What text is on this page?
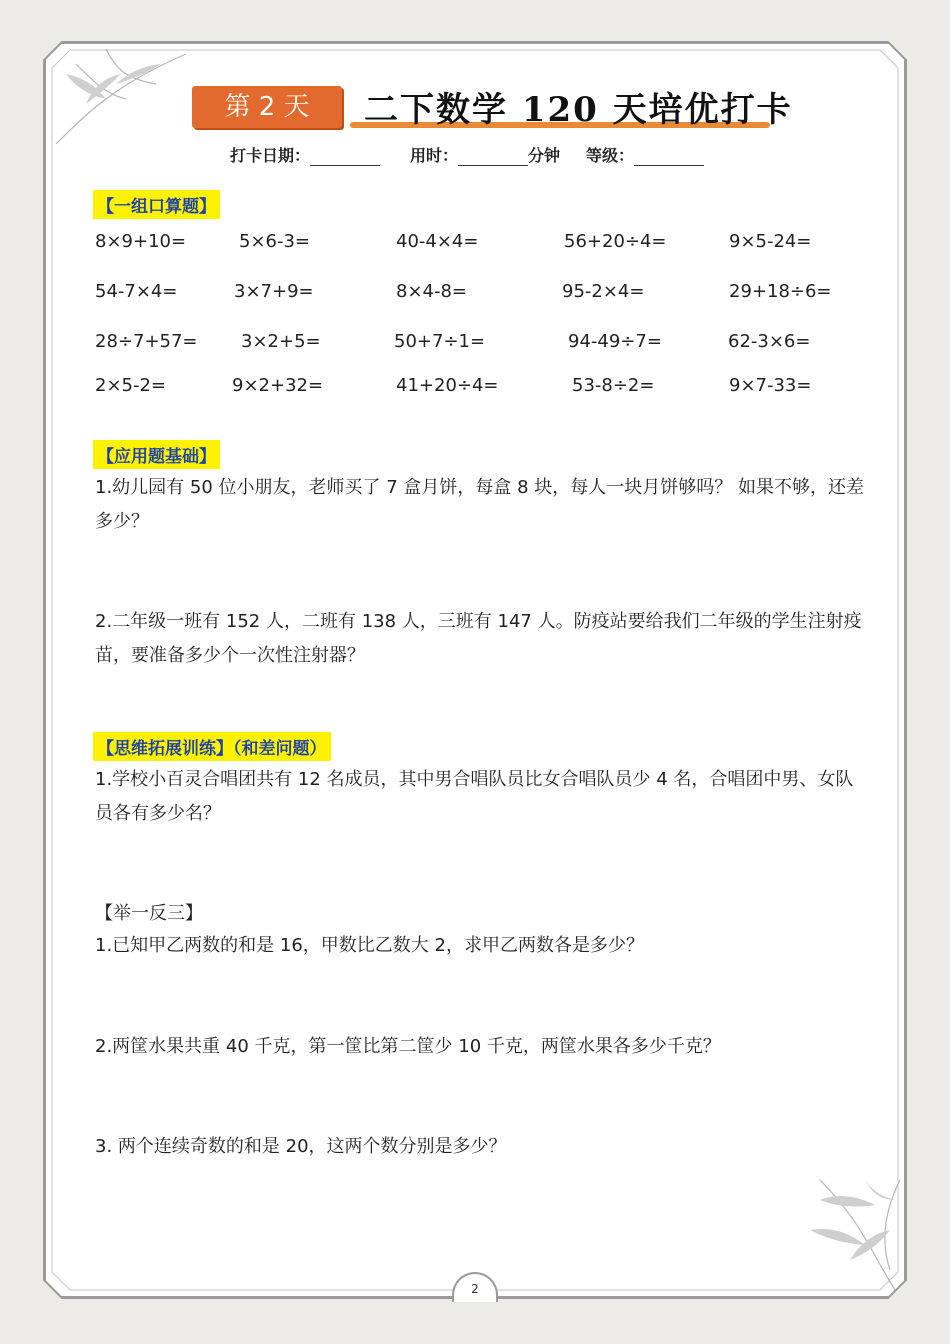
第 2 天	二下数学 120 天培优打卡
打卡日期：	用时：	分钟 等级：
【一组口算题】
8×9+10=	5×6-3=	40-4×4=	56+20÷4=	9×5-24=
54-7×4=	3×7+9=	8×4-8=	95-2×4=	29+18÷6=
28÷7+57= 3×2+5=	50+7÷1=	94-49÷7=	62-3×6=
2×5-2=	9×2+32=	41+20÷4=	53-8÷2=	9×7-33=
【应用题基础】
1.幼儿园有 50 位小朋友，老师买了 7 盒月饼，每盒 8 块，每人一块月饼够吗？ 如果不够，还差多少？
2.二年级一班有 152 人，二班有 138 人，三班有 147 人。防疫站要给我们二年级的学生注射疫苗，要准备多少个一次性注射器？
【思维拓展训练】（和差问题）
1.学校小百灵合唱团共有 12 名成员，其中男合唱队员比女合唱队员少 4 名，合唱团中男、女队员各有多少名？
【举一反三】
1.已知甲乙两数的和是 16，甲数比乙数大 2，求甲乙两数各是多少？
2.两筐水果共重 40 千克，第一筐比第二筐少 10 千克，两筐水果各多少千克？
3. 两个连续奇数的和是 20，这两个数分别是多少？
2
